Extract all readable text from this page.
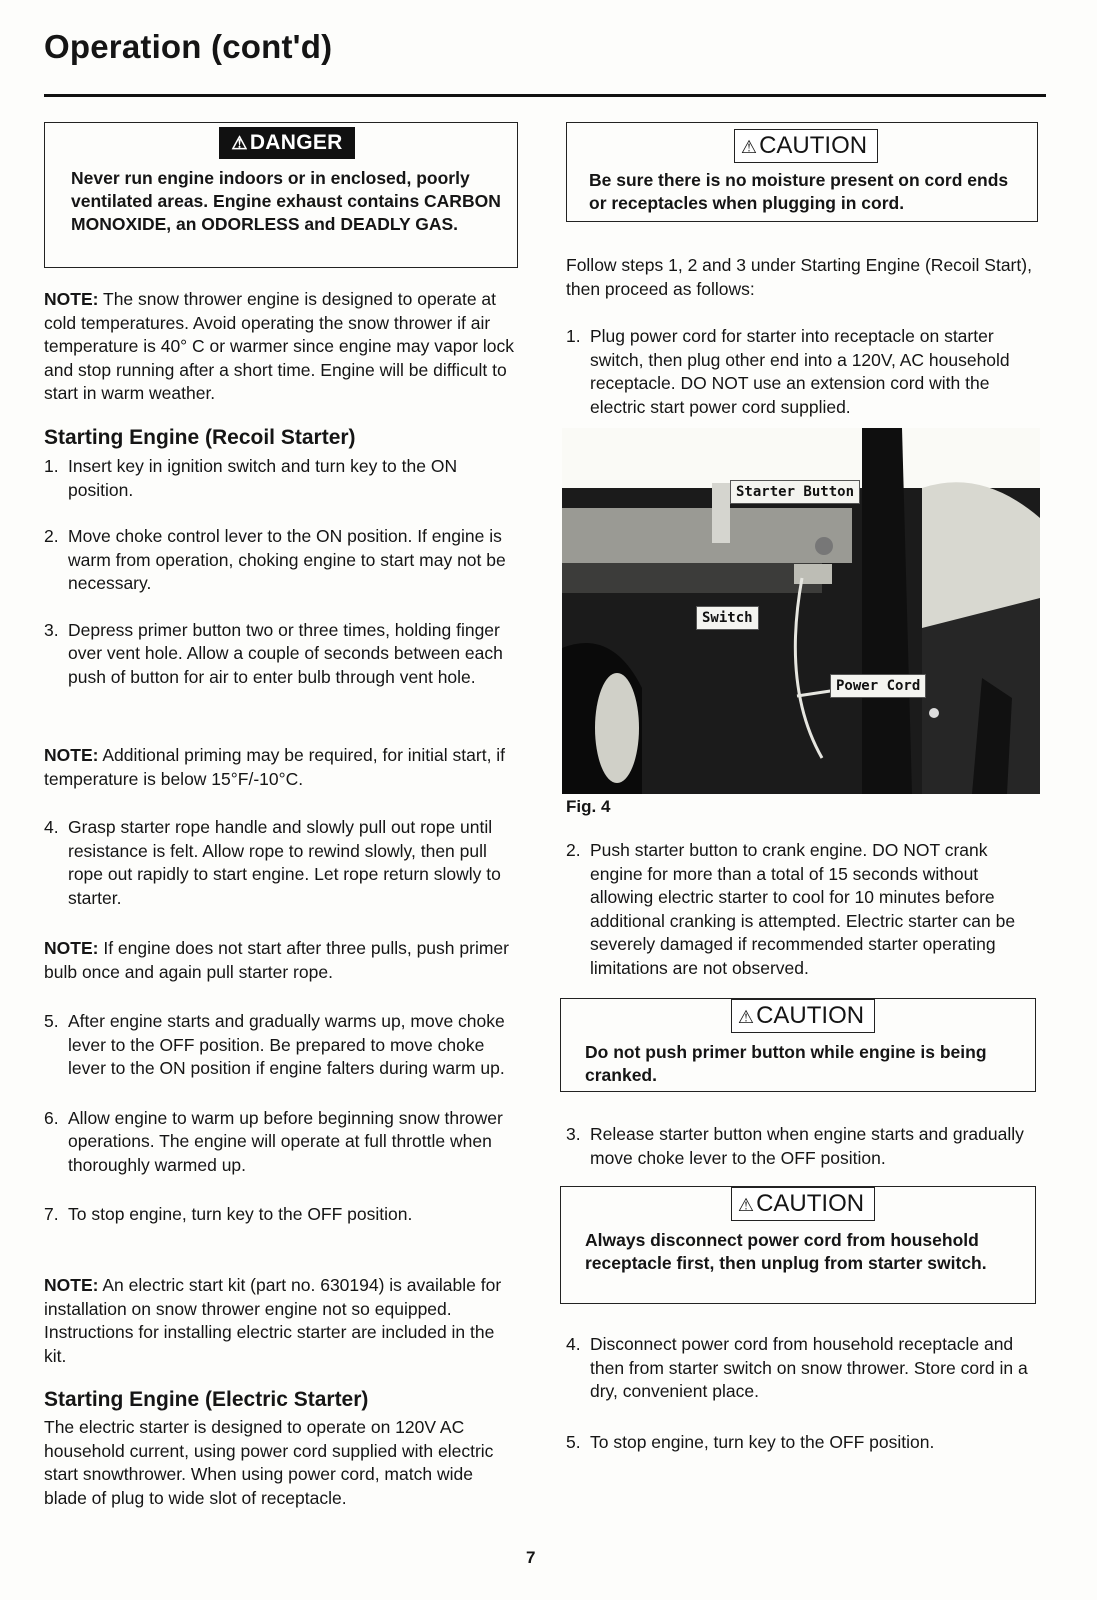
Operation (cont'd)
⚠DANGER
Never run engine indoors or in enclosed, poorly ventilated areas. Engine exhaust contains CARBON MONOXIDE, an ODORLESS and DEADLY GAS.
NOTE: The snow thrower engine is designed to operate at cold temperatures. Avoid operating the snow thrower if air temperature is 40° C or warmer since engine may vapor lock and stop running after a short time. Engine will be difficult to start in warm weather.
Starting Engine (Recoil Starter)
1. Insert key in ignition switch and turn key to the ON position.
2. Move choke control lever to the ON position. If engine is warm from operation, choking engine to start may not be necessary.
3. Depress primer button two or three times, holding finger over vent hole. Allow a couple of seconds between each push of button for air to enter bulb through vent hole.
NOTE: Additional priming may be required, for initial start, if temperature is below 15°F/-10°C.
4. Grasp starter rope handle and slowly pull out rope until resistance is felt. Allow rope to rewind slowly, then pull rope out rapidly to start engine. Let rope return slowly to starter.
NOTE: If engine does not start after three pulls, push primer bulb once and again pull starter rope.
5. After engine starts and gradually warms up, move choke lever to the OFF position. Be prepared to move choke lever to the ON position if engine falters during warm up.
6. Allow engine to warm up before beginning snow thrower operations. The engine will operate at full throttle when thoroughly warmed up.
7. To stop engine, turn key to the OFF position.
NOTE: An electric start kit (part no. 630194) is available for installation on snow thrower engine not so equipped. Instructions for installing electric starter are included in the kit.
Starting Engine (Electric Starter)
The electric starter is designed to operate on 120V AC household current, using power cord supplied with electric start snowthrower. When using power cord, match wide blade of plug to wide slot of receptacle.
⚠CAUTION
Be sure there is no moisture present on cord ends or receptacles when plugging in cord.
Follow steps 1, 2 and 3 under Starting Engine (Recoil Start), then proceed as follows:
1. Plug power cord for starter into receptacle on starter switch, then plug other end into a 120V, AC household receptacle. DO NOT use an extension cord with the electric start power cord supplied.
Starter Button
Switch
Power Cord
Fig. 4
2. Push starter button to crank engine. DO NOT crank engine for more than a total of 15 seconds without allowing electric starter to cool for 10 minutes before additional cranking is attempted. Electric starter can be severely damaged if recommended starter operating limitations are not observed.
⚠CAUTION
Do not push primer button while engine is being cranked.
3. Release starter button when engine starts and gradually move choke lever to the OFF position.
⚠CAUTION
Always disconnect power cord from household receptacle first, then unplug from starter switch.
4. Disconnect power cord from household receptacle and then from starter switch on snow thrower. Store cord in a dry, convenient place.
5. To stop engine, turn key to the OFF position.
7
